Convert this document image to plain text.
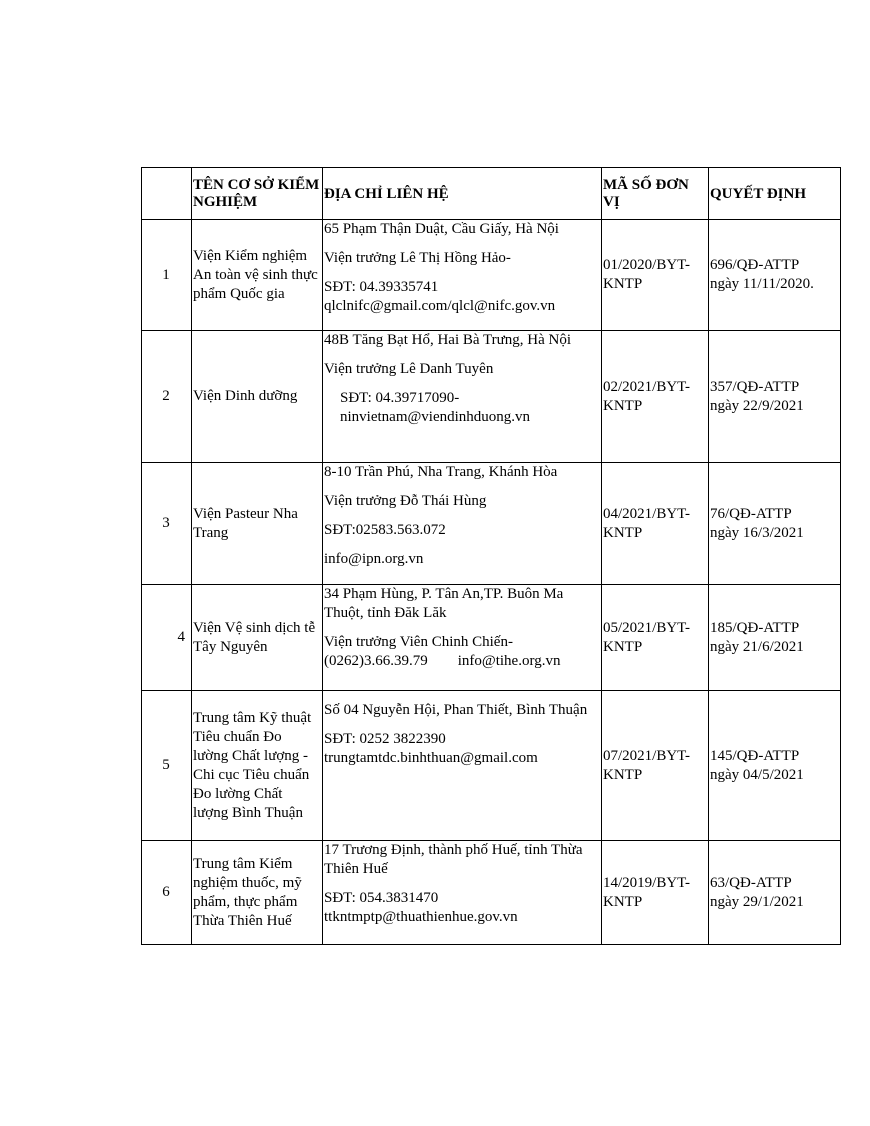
	TÊN CƠ SỞ KIỂM NGHIỆM	ĐỊA CHỈ LIÊN HỆ	MÃ SỐ ĐƠN VỊ	QUYẾT ĐỊNH
1	Viện Kiểm nghiệm An toàn vệ sinh thực phẩm Quốc gia	65 Phạm Thận Duật, Cầu Giấy, Hà Nội
Viện trưởng Lê Thị Hồng Hảo-
SĐT: 04.39335741
qlclnifc@gmail.com/qlcl@nifc.gov.vn	01/2020/BYT-KNTP	696/QĐ-ATTP
ngày 11/11/2020.

2	Viện Dinh dưỡng	48B Tăng Bạt Hổ, Hai Bà Trưng, Hà Nội
Viện trưởng Lê Danh Tuyên
SĐT: 04.39717090-
ninvietnam@viendinhduong.vn	02/2021/BYT-KNTP	357/QĐ-ATTP
ngày 22/9/2021

3	Viện Pasteur Nha Trang	8-10 Trần Phú, Nha Trang, Khánh Hòa
Viện trưởng Đỗ Thái Hùng
SĐT:02583.563.072
info@ipn.org.vn	04/2021/BYT-KNTP	76/QĐ-ATTP
ngày 16/3/2021

4	Viện Vệ sinh dịch tễ Tây Nguyên	34 Phạm Hùng, P. Tân An,TP. Buôn Ma Thuột, tỉnh Đăk Lăk
Viện trưởng Viên Chinh Chiến-
(0262)3.66.39.79 info@tihe.org.vn	05/2021/BYT-KNTP	185/QĐ-ATTP
ngày 21/6/2021

5	Trung tâm Kỹ thuật Tiêu chuẩn Đo lường Chất lượng - Chi cục Tiêu chuẩn Đo lường Chất lượng Bình Thuận	Số 04 Nguyễn Hội, Phan Thiết, Bình Thuận
SĐT: 0252 3822390
trungtamtdc.binhthuan@gmail.com	07/2021/BYT-KNTP	145/QĐ-ATTP
ngày 04/5/2021

6	Trung tâm Kiểm nghiệm thuốc, mỹ phẩm, thực phẩm Thừa Thiên Huế	17 Trương Định, thành phố Huế, tỉnh Thừa Thiên Huế
SĐT: 054.3831470
ttkntmptp@thuathienhue.gov.vn	14/2019/BYT-KNTP	63/QĐ-ATTP
ngày 29/1/2021
